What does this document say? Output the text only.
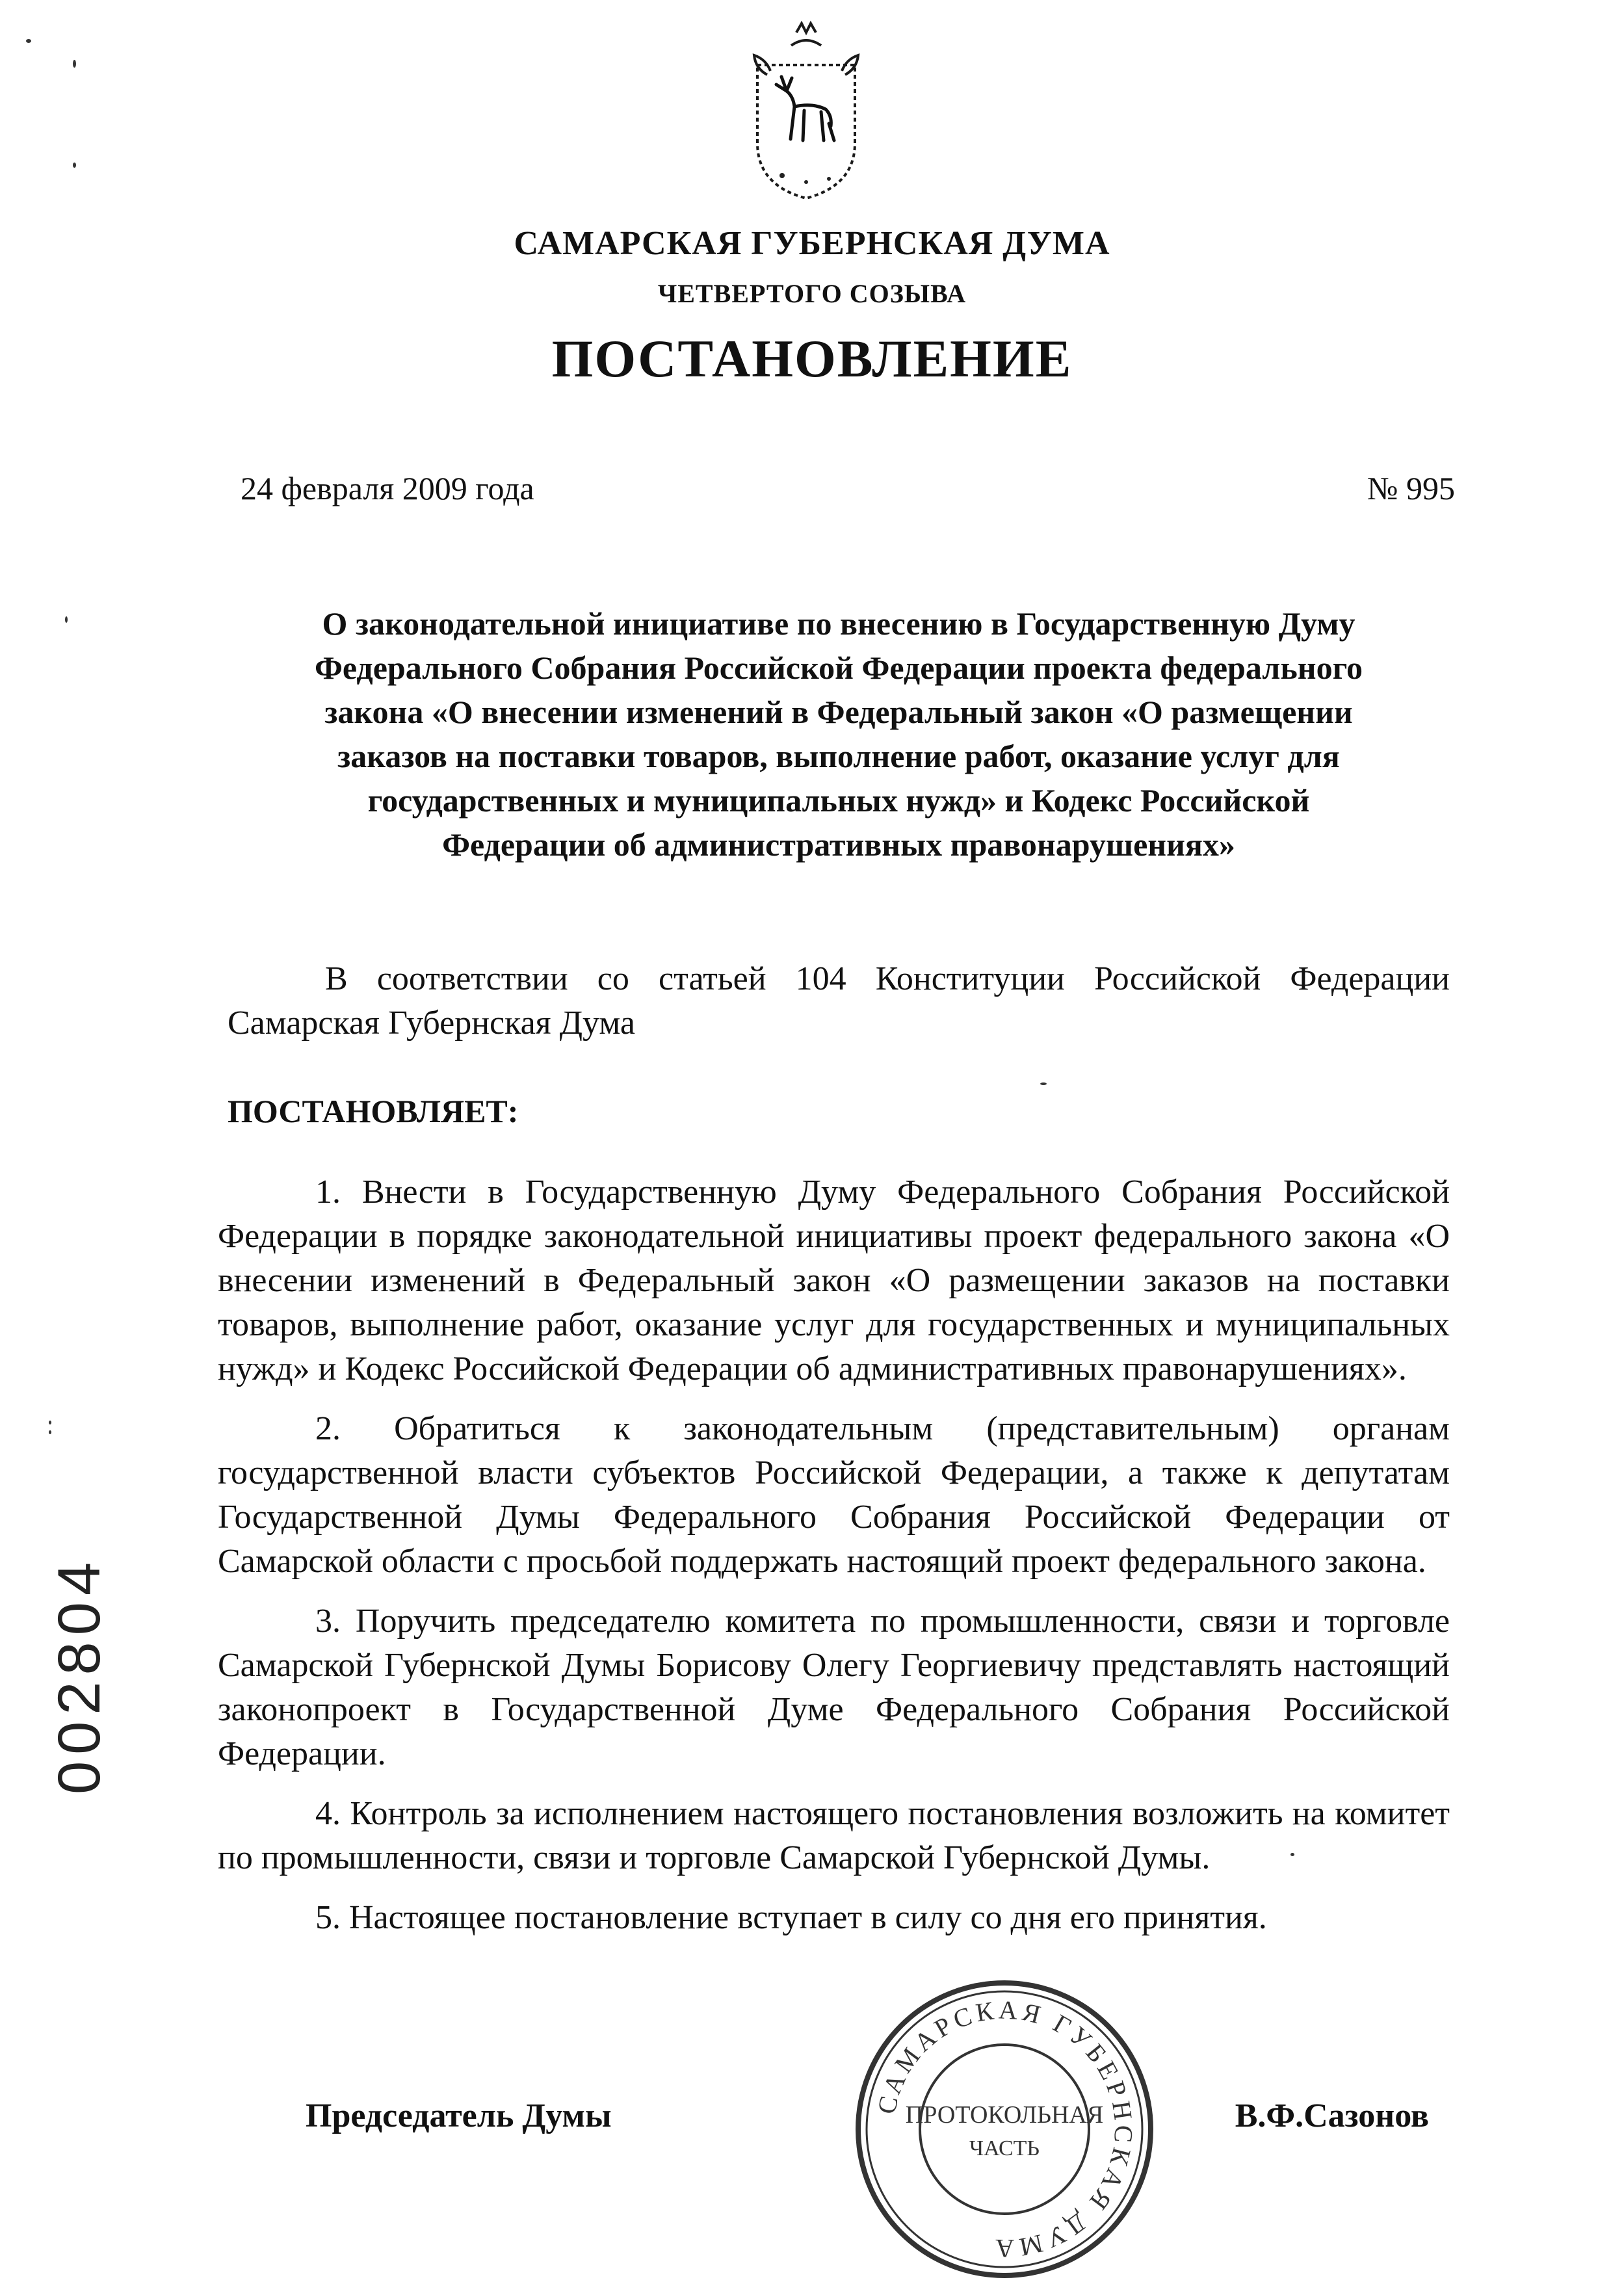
САМАРСКАЯ ГУБЕРНСКАЯ ДУМА
ЧЕТВЕРТОГО СОЗЫВА
ПОСТАНОВЛЕНИЕ
24 февраля 2009 года	№ 995
О законодательной инициативе по внесению в Государственную Думу
Федерального Собрания Российской Федерации проекта федерального
закона «О внесении изменений в Федеральный закон «О размещении
заказов на поставки товаров, выполнение работ, оказание услуг для
государственных и муниципальных нужд» и Кодекс Российской
Федерации об административных правонарушениях»
В соответствии со статьей 104 Конституции Российской Федерации Самарская Губернская Дума
ПОСТАНОВЛЯЕТ:

1. Внести в Государственную Думу Федерального Собрания Российской Федерации в порядке законодательной инициативы проект федерального закона «О внесении изменений в Федеральный закон «О размещении заказов на поставки товаров, выполнение работ, оказание услуг для государственных и муниципальных нужд» и Кодекс Российской Федерации об административных правонарушениях».

2. Обратиться к законодательным (представительным) органам государственной власти субъектов Российской Федерации, а также к депутатам Государственной Думы Федерального Собрания Российской Федерации от Самарской области с просьбой поддержать настоящий проект федерального закона.

3. Поручить председателю комитета по промышленности, связи и торговле Самарской Губернской Думы Борисову Олегу Георгиевичу представлять настоящий законопроект в Государственной Думе Федерального Собрания Российской Федерации.

4. Контроль за исполнением настоящего постановления возложить на комитет по промышленности, связи и торговле Самарской Губернской Думы.

5. Настоящее постановление вступает в силу со дня его принятия.

Председатель Думы	В.Ф.Сазонов
САМАРСКАЯ ГУБЕРНСКАЯ ДУМА
ПРОТОКОЛЬНАЯ
ЧАСТЬ
002804
